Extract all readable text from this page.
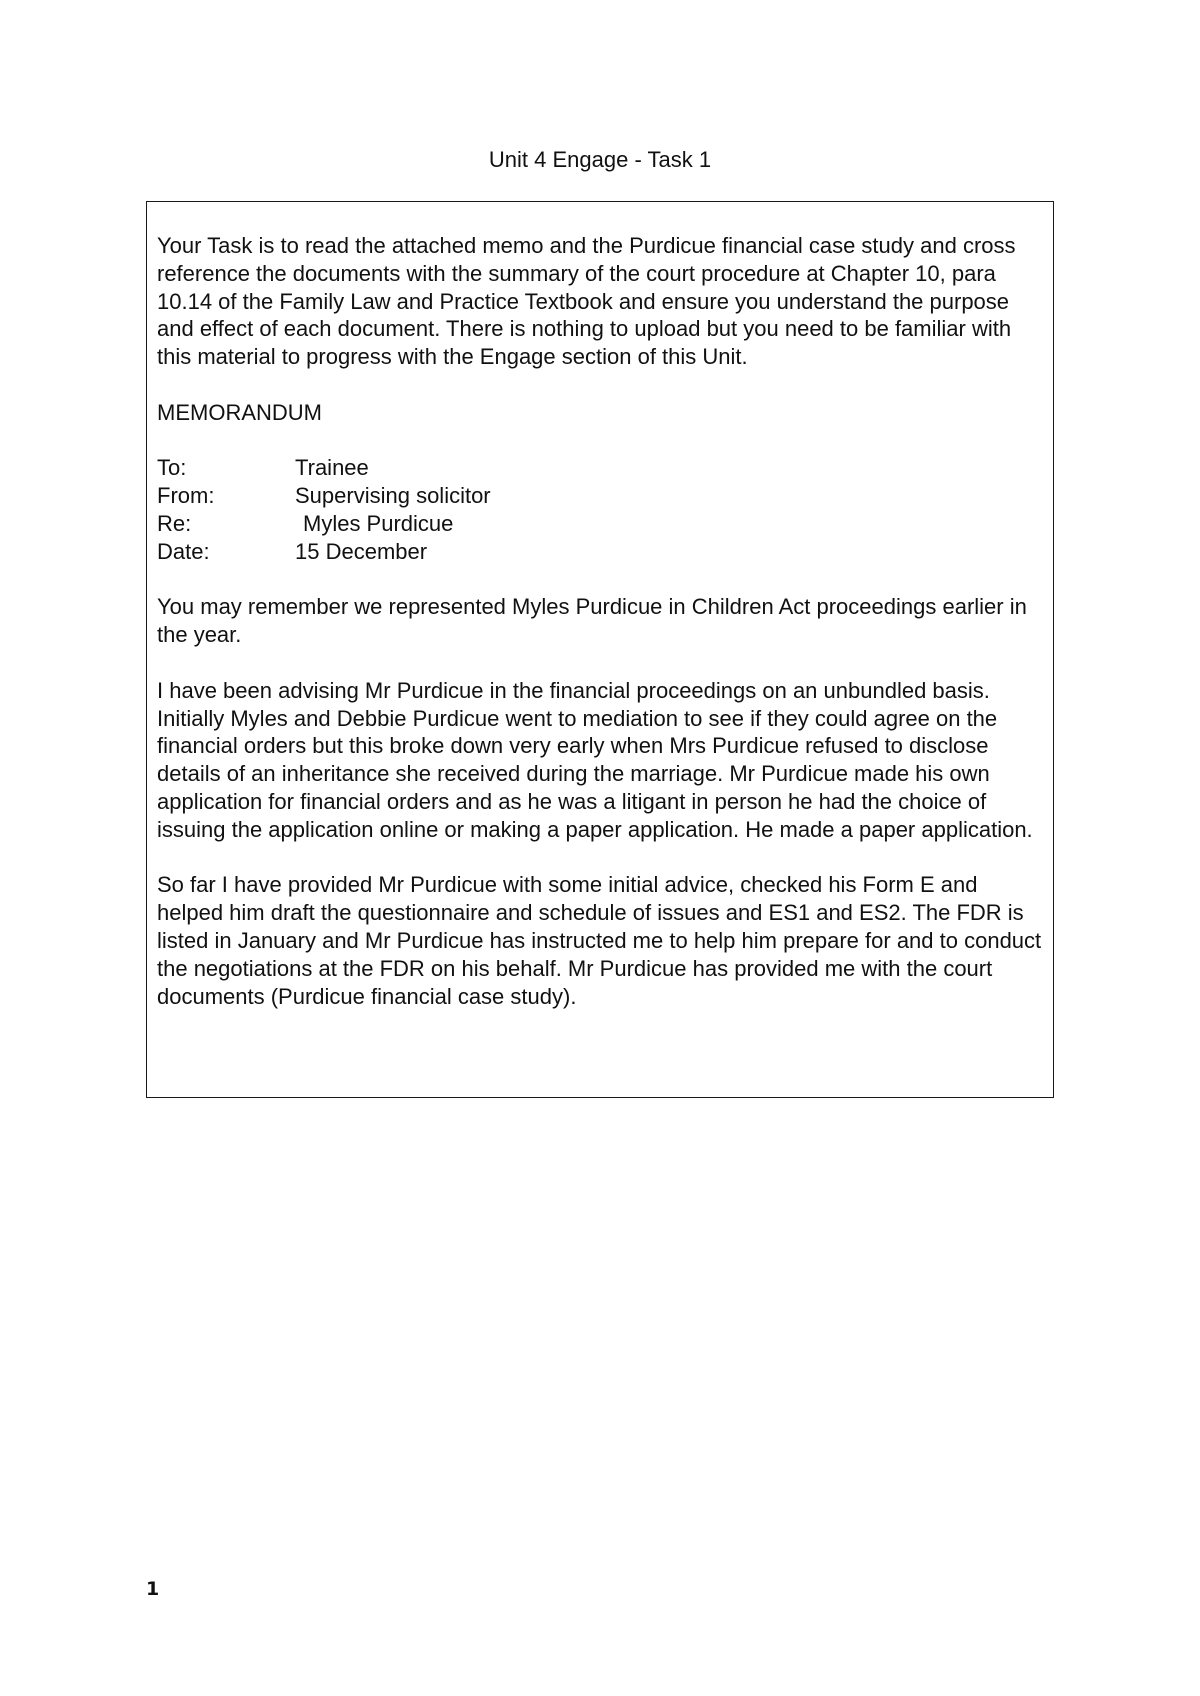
Unit 4 Engage - Task 1

Your Task is to read the attached memo and the Purdicue financial case study and cross reference the documents with the summary of the court procedure at Chapter 10, para 10.14 of the Family Law and Practice Textbook and ensure you understand the purpose and effect of each document. There is nothing to upload but you need to be familiar with this material to progress with the Engage section of this Unit.

MEMORANDUM

To:	Trainee
From:	Supervising solicitor
Re:	Myles Purdicue
Date:	15 December

You may remember we represented Myles Purdicue in Children Act proceedings earlier in the year.

I have been advising Mr Purdicue in the financial proceedings on an unbundled basis. Initially Myles and Debbie Purdicue went to mediation to see if they could agree on the financial orders but this broke down very early when Mrs Purdicue refused to disclose details of an inheritance she received during the marriage. Mr Purdicue made his own application for financial orders and as he was a litigant in person he had the choice of issuing the application online or making a paper application. He made a paper application.

So far I have provided Mr Purdicue with some initial advice, checked his Form E and helped him draft the questionnaire and schedule of issues and ES1 and ES2. The FDR is listed in January and Mr Purdicue has instructed me to help him prepare for and to conduct the negotiations at the FDR on his behalf. Mr Purdicue has provided me with the court documents (Purdicue financial case study).

1
